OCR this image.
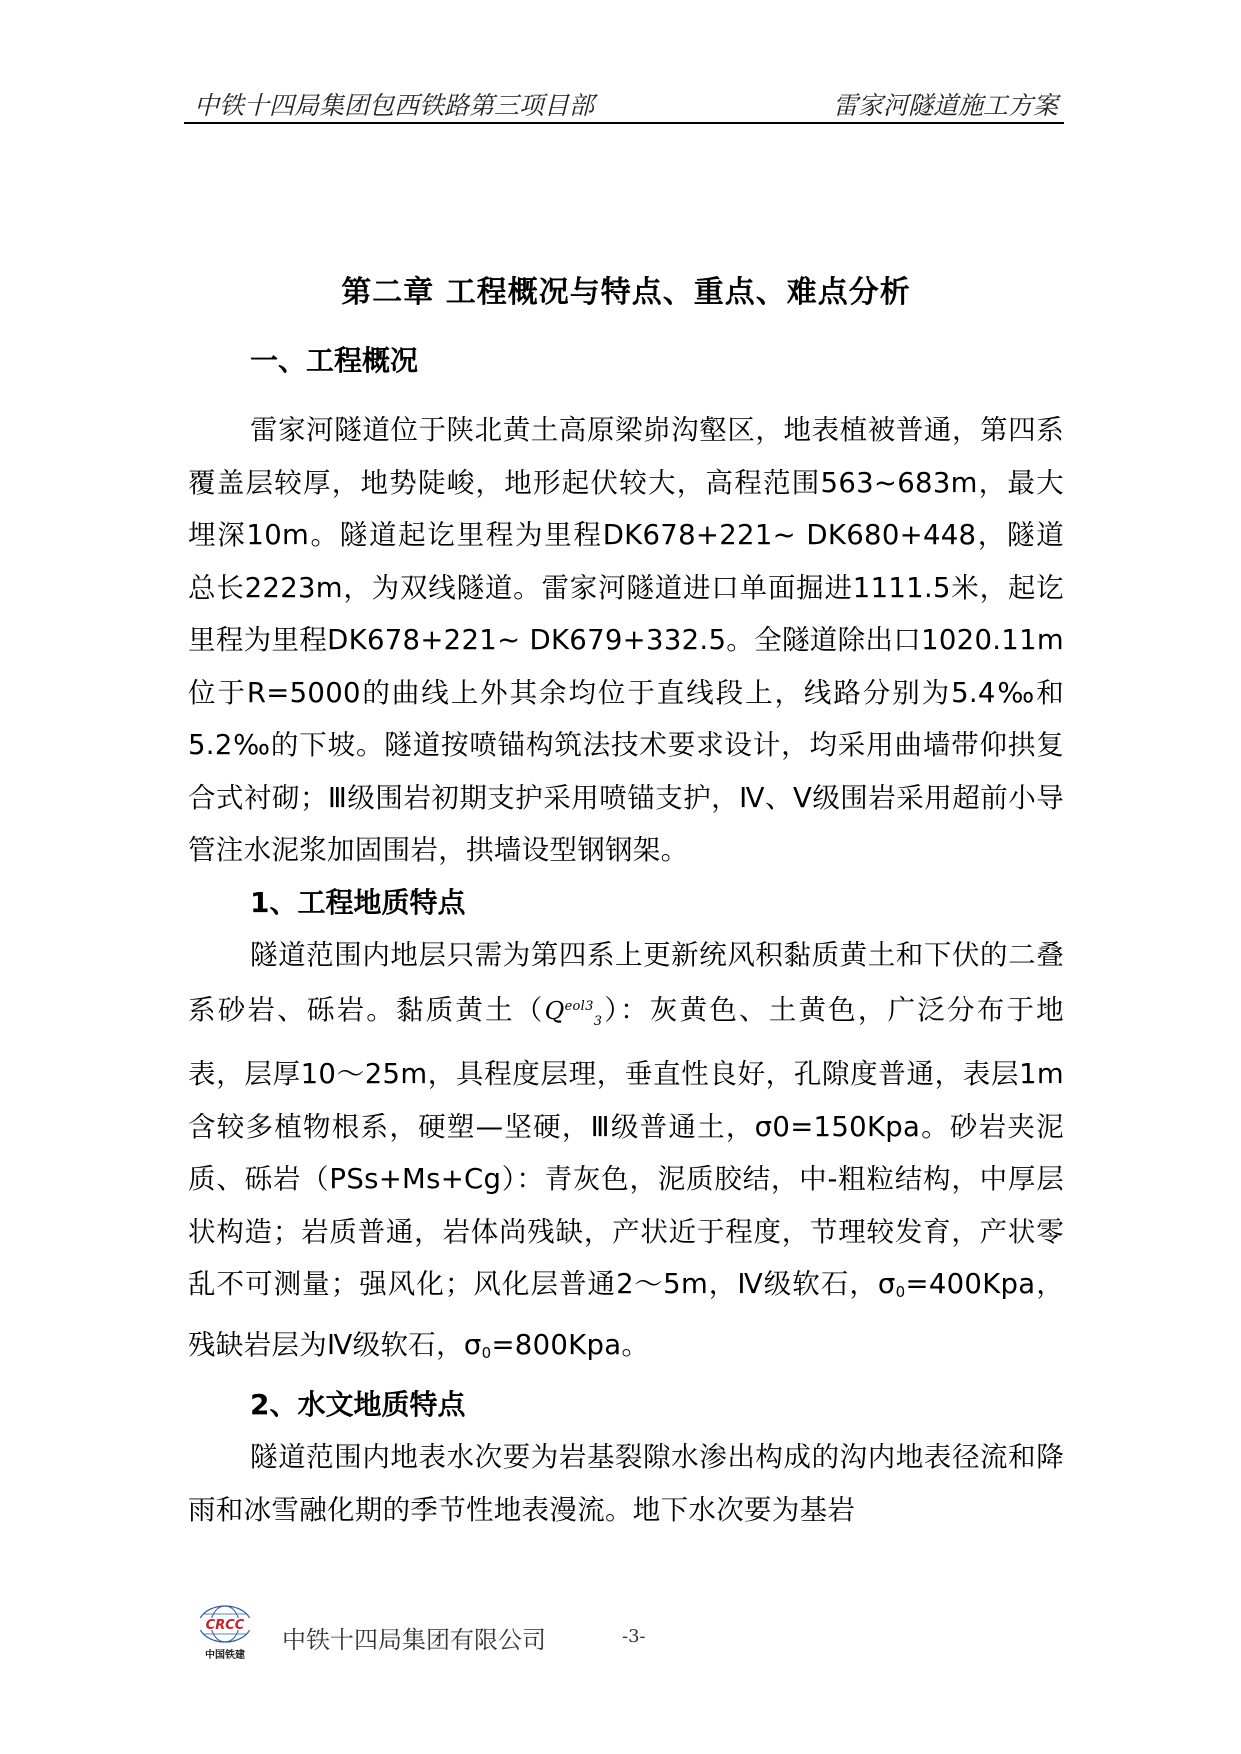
中铁十四局集团包西铁路第三项目部	雷家河隧道施工方案
第二章 工程概况与特点、重点、难点分析
一、工程概况

雷家河隧道位于陕北黄土高原梁峁沟壑区，地表植被普通，第四系覆盖层较厚，地势陡峻，地形起伏较大，高程范围563~683m，最大埋深10m。隧道起讫里程为里程DK678+221~ DK680+448，隧道总长2223m，为双线隧道。雷家河隧道进口单面掘进1111.5米，起讫里程为里程DK678+221~ DK679+332.5。全隧道除出口1020.11m位于R=5000的曲线上外其余均位于直线段上，线路分别为5.4‰和5.2‰的下坡。隧道按喷锚构筑法技术要求设计，均采用曲墙带仰拱复合式衬砌；Ⅲ级围岩初期支护采用喷锚支护，Ⅳ、Ⅴ级围岩采用超前小导管注水泥浆加固围岩，拱墙设型钢钢架。

1、工程地质特点

隧道范围内地层只需为第四系上更新统风积黏质黄土和下伏的二叠系砂岩、砾岩。黏质黄土$(Q^{eol3}_3)$：灰黄色、土黄色，广泛分布于地表，层厚10～25m，具程度层理，垂直性良好，孔隙度普通，表层1m含较多植物根系，硬塑—坚硬，Ⅲ级普通土，σ0=150Kpa。砂岩夹泥质、砾岩（PSs+Ms+Cg）：青灰色，泥质胶结，中-粗粒结构，中厚层状构造；岩质普通，岩体尚残缺，产状近于程度，节理较发育，产状零乱不可测量；强风化；风化层普通2～5m，Ⅳ级软石，σ0=400Kpa，残缺岩层为Ⅳ级软石，σ0=800Kpa。

2、水文地质特点

隧道范围内地表水次要为岩基裂隙水渗出构成的沟内地表径流和降雨和冰雪融化期的季节性地表漫流。地下水次要为基岩

CRCC
中国铁建
中铁十四局集团有限公司	-3-
